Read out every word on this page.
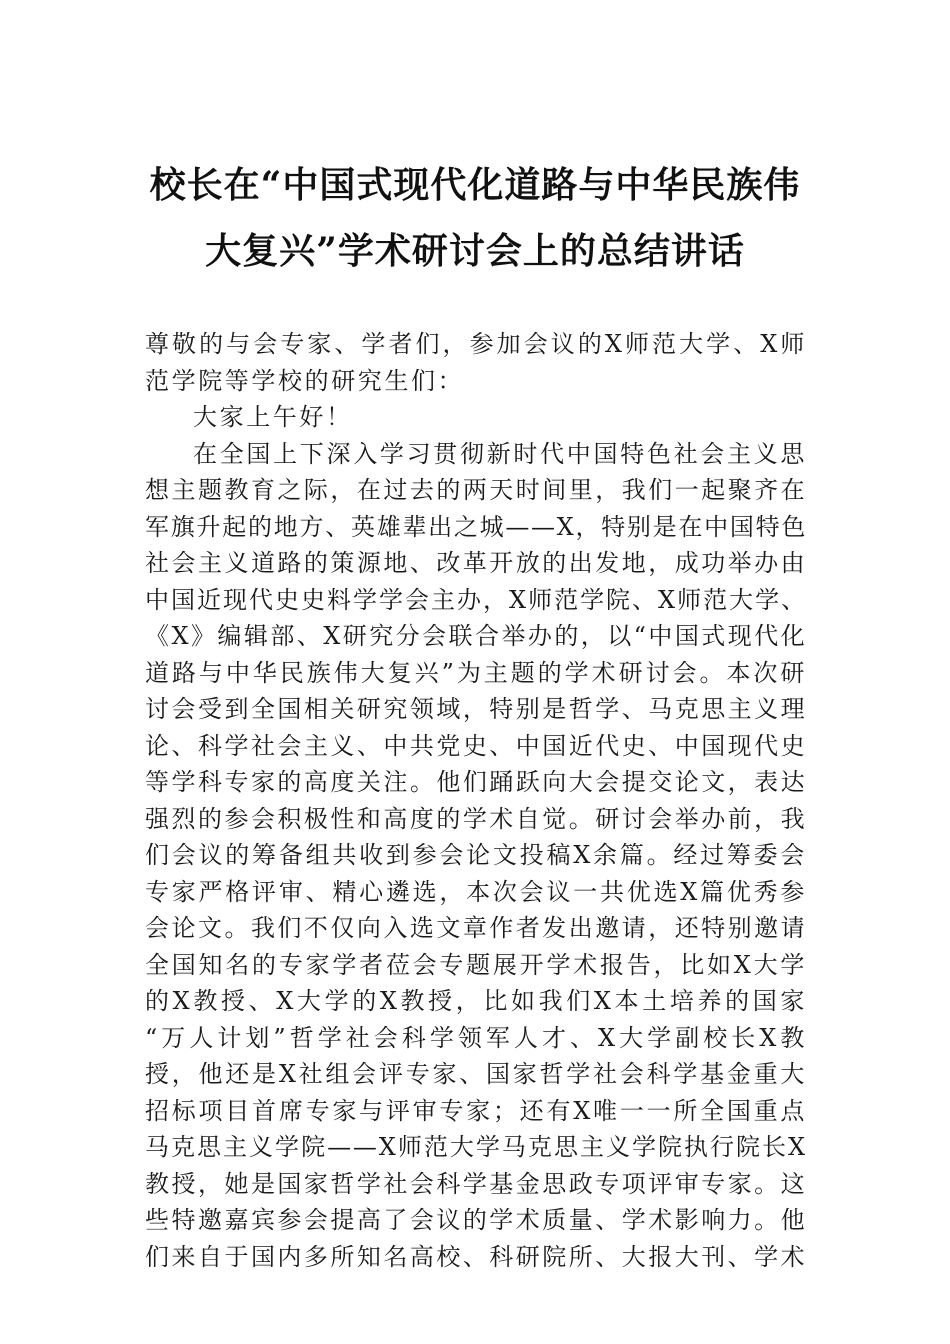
校长在“中国式现代化道路与中华民族伟
大复兴”学术研讨会上的总结讲话
尊敬的与会专家、学者们，参加会议的X师范大学、X师
范学院等学校的研究生们：
大家上午好！
在全国上下深入学习贯彻新时代中国特色社会主义思
想主题教育之际，在过去的两天时间里，我们一起聚齐在
军旗升起的地方、英雄辈出之城——X，特别是在中国特色
社会主义道路的策源地、改革开放的出发地，成功举办由
中国近现代史史料学学会主办，X师范学院、X师范大学、
《X》编辑部、X研究分会联合举办的，以“中国式现代化
道路与中华民族伟大复兴”为主题的学术研讨会。本次研
讨会受到全国相关研究领域，特别是哲学、马克思主义理
论、科学社会主义、中共党史、中国近代史、中国现代史
等学科专家的高度关注。他们踊跃向大会提交论文，表达
强烈的参会积极性和高度的学术自觉。研讨会举办前，我
们会议的筹备组共收到参会论文投稿X余篇。经过筹委会
专家严格评审、精心遴选，本次会议一共优选X篇优秀参
会论文。我们不仅向入选文章作者发出邀请，还特别邀请
全国知名的专家学者莅会专题展开学术报告，比如X大学
的X教授、X大学的X教授，比如我们X本土培养的国家
“万人计划”哲学社会科学领军人才、X大学副校长X教
授，他还是X社组会评专家、国家哲学社会科学基金重大
招标项目首席专家与评审专家；还有X唯一一所全国重点
马克思主义学院——X师范大学马克思主义学院执行院长X
教授，她是国家哲学社会科学基金思政专项评审专家。这
些特邀嘉宾参会提高了会议的学术质量、学术影响力。他
们来自于国内多所知名高校、科研院所、大报大刊、学术
